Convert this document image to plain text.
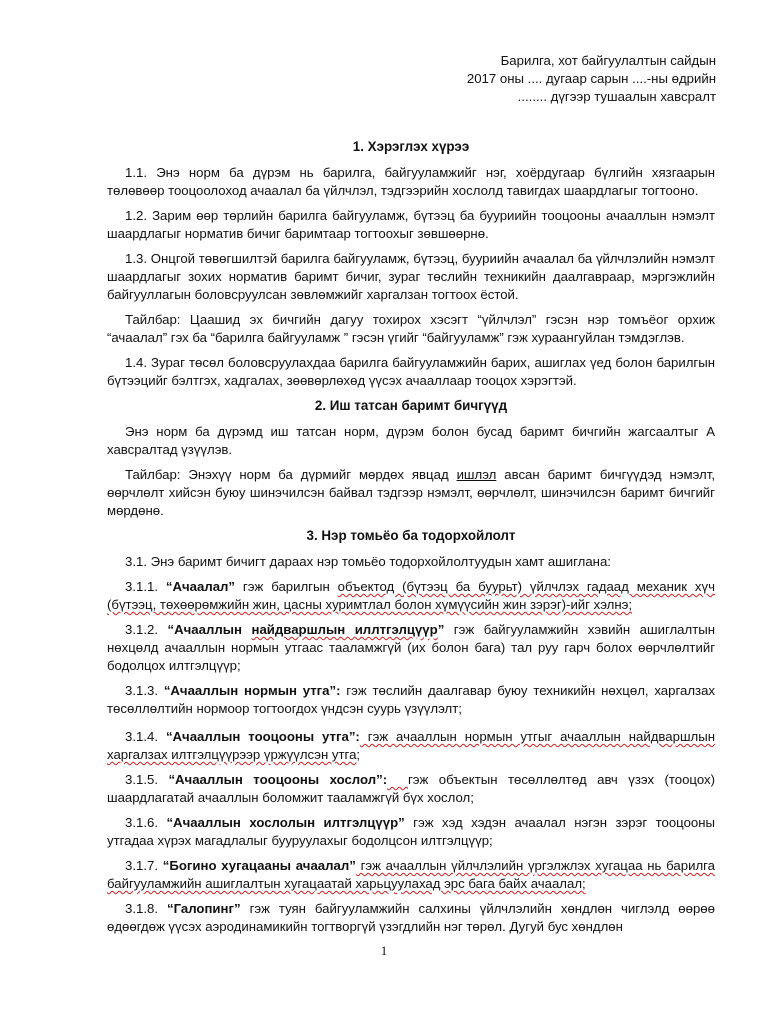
Барилга, хот байгуулалтын сайдын
2017 оны .... дугаар сарын ....-ны өдрийн
........ дүгээр тушаалын хавсралт
1. Хэрэглэх хүрээ

1.1. Энэ норм ба дүрэм нь барилга, байгууламжийг нэг, хоёрдугаар бүлгийн хязгаарын төлөвөөр тооцоолоход ачаалал ба үйлчлэл, тэдгээрийн хослолд тавигдах шаардлагыг тогтооно.

1.2. Зарим өөр төрлийн барилга байгууламж, бүтээц ба бууриийн тооцооны ачааллын нэмэлт шаардлагыг норматив бичиг баримтаар тогтоохыг зөвшөөрнө.

1.3. Онцгой төвөгшилтэй барилга байгууламж, бүтээц, бууриийн ачаалал ба үйлчлэлийн нэмэлт шаардлагыг зохих норматив баримт бичиг, зураг төслийн техникийн даалгавраар, мэргэжлийн байгууллагын боловсруулсан зөвлөмжийг харгалзан тогтоох ёстой.

Тайлбар: Цаашид эх бичгийн дагуу тохирох хэсэгт “үйлчлэл” гэсэн нэр томъёог орхиж “ачаалал” гэх ба “барилга байгууламж ” гэсэн үгийг “байгууламж” гэж хураангуйлан тэмдэглэв.

1.4. Зураг төсөл боловсруулахдаа барилга байгууламжийн барих, ашиглах үед болон барилгын бүтээцийг бэлтгэх, хадгалах, зөөвөрлөхөд үүсэх ачааллаар тооцох хэрэгтэй.

2. Иш татсан баримт бичгүүд

Энэ норм ба дүрэмд иш татсан норм, дүрэм болон бусад баримт бичгийн жагсаалтыг А хавсралтад үзүүлэв.

Тайлбар: Энэхүү норм ба дүрмийг мөрдөх явцад ишлэл авсан баримт бичгүүдэд нэмэлт, өөрчлөлт хийсэн буюу шинэчилсэн байвал тэдгээр нэмэлт, өөрчлөлт, шинэчилсэн баримт бичгийг мөрдөнө.

3. Нэр томьёо ба тодорхойлолт

3.1. Энэ баримт бичигт дараах нэр томьёо тодорхойлолтуудын хамт ашиглана:

3.1.1. “Ачаалал” гэж барилгын объектод (бүтээц ба буурьт) үйлчлэх гадаад механик хүч (бүтээц, төхөөрөмжийн жин, цасны хуримтлал болон хүмүүсийн жин зэрэг)-ийг хэлнэ;

3.1.2. “Ачааллын найдваршлын иллтгэлцүүр” гэж байгууламжийн хэвийн ашиглалтын нөхцөлд ачааллын нормын утгаас тааламжгүй (их болон бага) тал руу гарч болох өөрчлөлтийг бодолцох илтгэлцүүр;

3.1.3. “Ачааллын нормын утга”: гэж төслийн даалгавар буюу техникийн нөхцөл, харгалзах төсөллөлтийн нормоор тогтоогдох үндсэн суурь үзүүлэлт;

3.1.4. “Ачааллын тооцооны утга”: гэж ачааллын нормын утгыг ачааллын найдваршлын харгалзах илтгэлцүүрээр үржүүлсэн утга;

3.1.5. “Ачааллын тооцооны хослол”: гэж объектын төсөллөлтөд авч үзэх (тооцох) шаардлагатай ачааллын боломжит тааламжгүй бүх хослол;

3.1.6. “Ачааллын хослолын илтгэлцүүр” гэж хэд хэдэн ачаалал нэгэн зэрэг тооцооны утгадаа хүрэх магадлалыг бууруулахыг бодолцсон илтгэлцүүр;

3.1.7. “Богино хугацааны ачаалал” гэж ачааллын үйлчлэлийн үргэлжлэх хугацаа нь барилга байгууламжийн ашиглалтын хугацаатай харьцуулахад эрс бага байх ачаалал;

3.1.8. “Галопинг” гэж туян байгууламжийн салхины үйлчлэлийн хөндлөн чиглэлд өөрөө өдөөгдөж үүсэх аэродинамикийн тогтворгүй үзэгдлийн нэг төрөл. Дугуй бус хөндлөн

1
